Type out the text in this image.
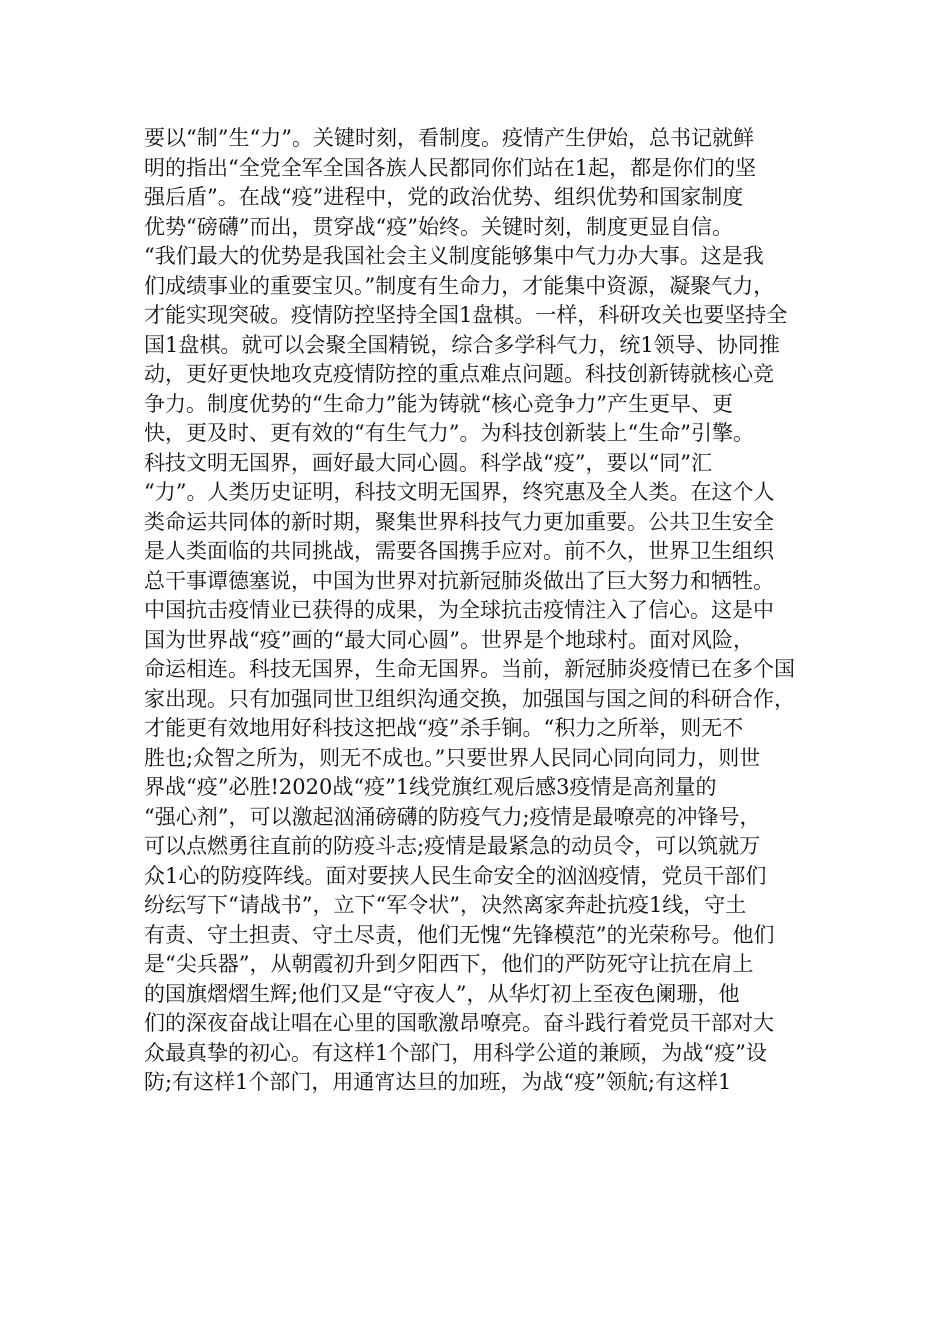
要以“制”生“力”。关键时刻，看制度。疫情产生伊始，总书记就鲜
明的指出“全党全军全国各族人民都同你们站在1起，都是你们的坚
强后盾”。在战“疫”进程中，党的政治优势、组织优势和国家制度
优势“磅礴”而出，贯穿战“疫”始终。关键时刻，制度更显自信。
“我们最大的优势是我国社会主义制度能够集中气力办大事。这是我
们成绩事业的重要宝贝。”制度有生命力，才能集中资源，凝聚气力，
才能实现突破。疫情防控坚持全国1盘棋。一样，科研攻关也要坚持全
国1盘棋。就可以会聚全国精锐，综合多学科气力，统1领导、协同推
动，更好更快地攻克疫情防控的重点难点问题。科技创新铸就核心竞
争力。制度优势的“生命力”能为铸就“核心竞争力”产生更早、更
快，更及时、更有效的“有生气力”。为科技创新装上“生命”引擎。
科技文明无国界，画好最大同心圆。科学战“疫”，要以“同”汇
“力”。人类历史证明，科技文明无国界，终究惠及全人类。在这个人
类命运共同体的新时期，聚集世界科技气力更加重要。公共卫生安全
是人类面临的共同挑战，需要各国携手应对。前不久，世界卫生组织
总干事谭德塞说，中国为世界对抗新冠肺炎做出了巨大努力和牺牲。
中国抗击疫情业已获得的成果，为全球抗击疫情注入了信心。这是中
国为世界战“疫”画的“最大同心圆”。世界是个地球村。面对风险，
命运相连。科技无国界，生命无国界。当前，新冠肺炎疫情已在多个国
家出现。只有加强同世卫组织沟通交换，加强国与国之间的科研合作，
才能更有效地用好科技这把战“疫”杀手锏。“积力之所举，则无不
胜也;众智之所为，则无不成也。”只要世界人民同心同向同力，则世
界战“疫”必胜!2020战“疫”1线党旗红观后感3疫情是高剂量的
“强心剂”，可以激起汹涌磅礴的防疫气力;疫情是最嘹亮的冲锋号，
可以点燃勇往直前的防疫斗志;疫情是最紧急的动员令，可以筑就万
众1心的防疫阵线。面对要挟人民生命安全的汹汹疫情，党员干部们
纷纭写下“请战书”，立下“军令状”，决然离家奔赴抗疫1线，守土
有责、守土担责、守土尽责，他们无愧“先锋模范”的光荣称号。他们
是“尖兵器”，从朝霞初升到夕阳西下，他们的严防死守让抗在肩上
的国旗熠熠生辉;他们又是“守夜人”，从华灯初上至夜色阑珊，他
们的深夜奋战让唱在心里的国歌激昂嘹亮。奋斗践行着党员干部对大
众最真挚的初心。有这样1个部门，用科学公道的兼顾，为战“疫”设
防;有这样1个部门，用通宵达旦的加班，为战“疫”领航;有这样1
